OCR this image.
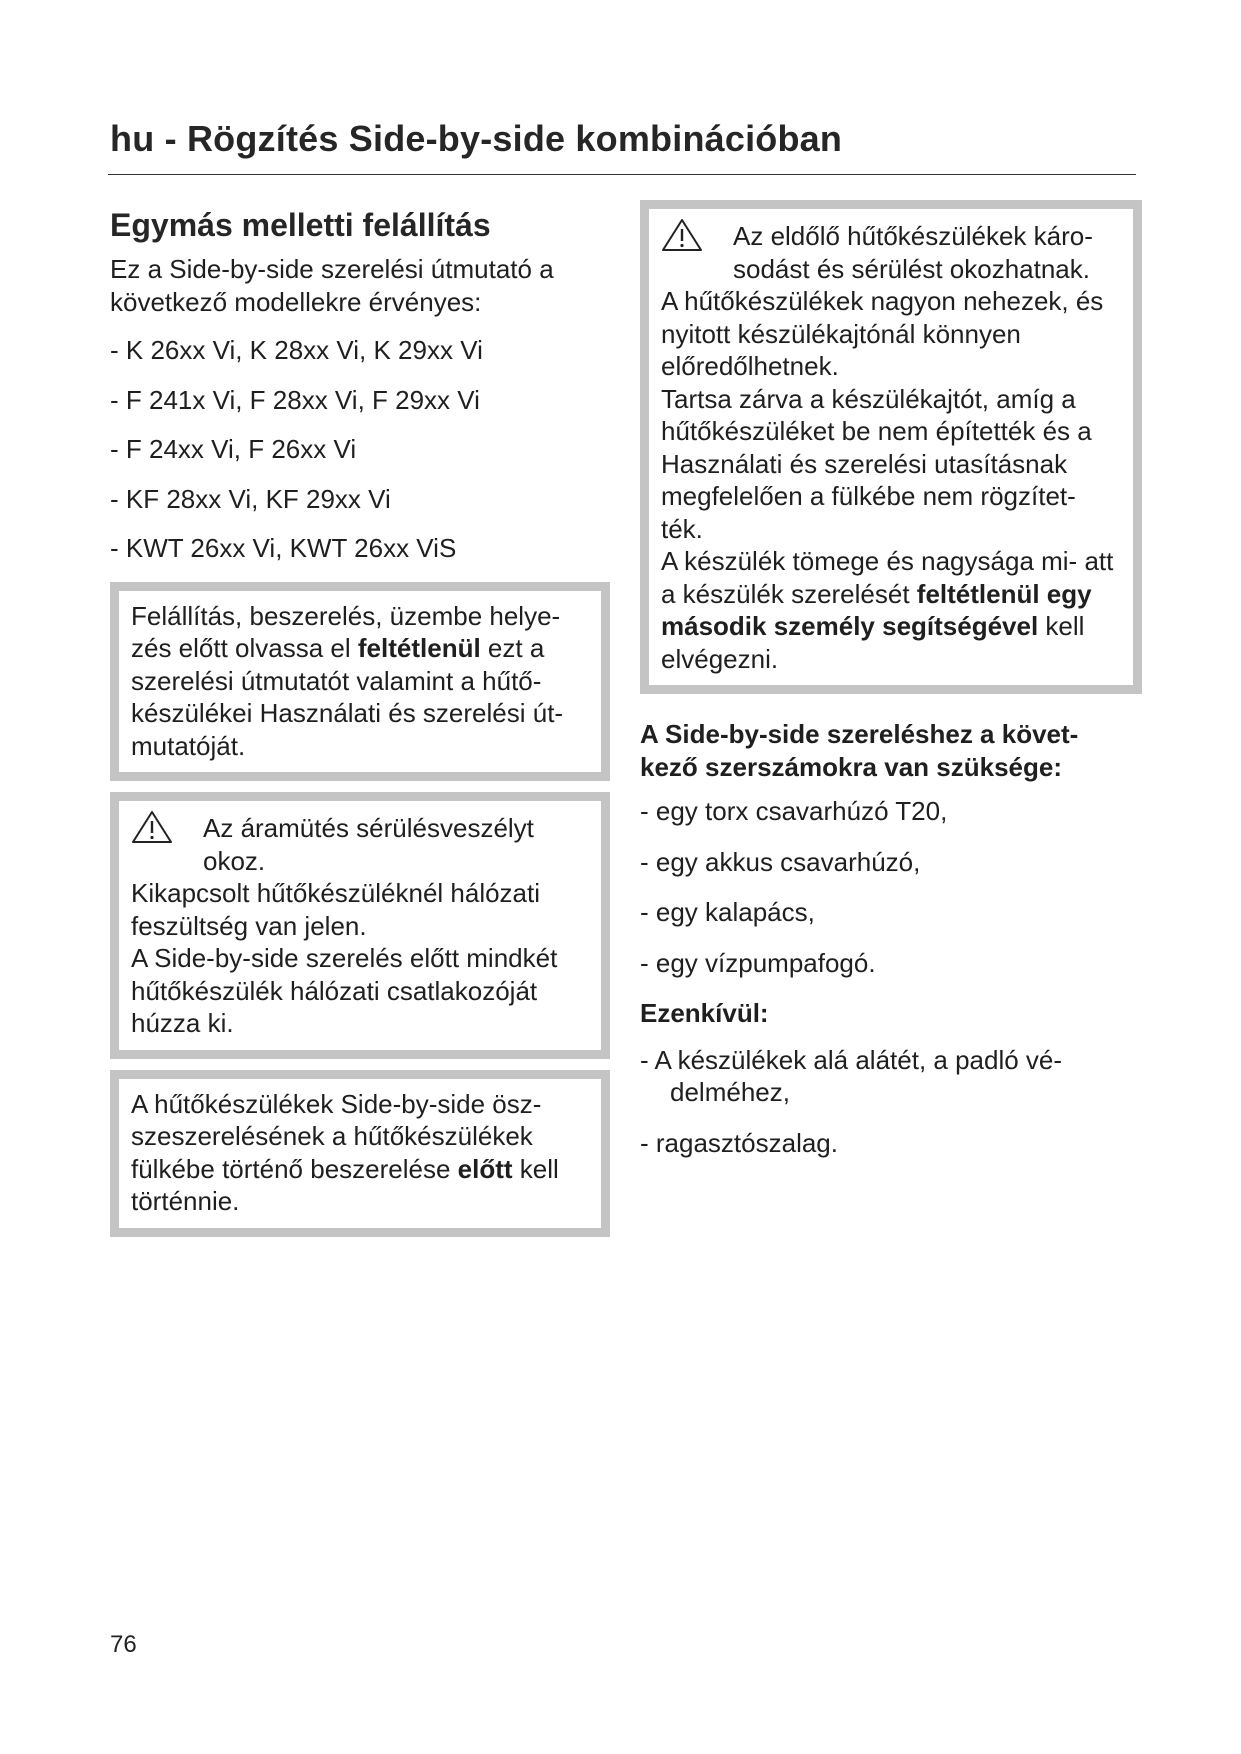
hu - Rögzítés Side-by-side kombinációban
Egymás melletti felállítás

Ez a Side-by-side szerelési útmutató a következő modellekre érvényes:

- K 26xx Vi, K 28xx Vi, K 29xx Vi
- F 241x Vi, F 28xx Vi, F 29xx Vi
- F 24xx Vi, F 26xx Vi
- KF 28xx Vi, KF 29xx Vi
- KWT 26xx Vi, KWT 26xx ViS

Felállítás, beszerelés, üzembe helye- zés előtt olvassa el feltétlenül ezt a szerelési útmutatót valamint a hűtő- készülékei Használati és szerelési út- mutatóját.

Az áramütés sérülésveszélyt okoz.

Kikapcsolt hűtőkészüléknél hálózati feszültség van jelen.

A Side-by-side szerelés előtt mindkét hűtőkészülék hálózati csatlakozóját húzza ki.

A hűtőkészülékek Side-by-side ösz- szeszerelésének a hűtőkészülékek fülkébe történő beszerelése előtt kell történnie.

Az eldőlő hűtőkészülékek káro- sodást és sérülést okozhatnak.

A hűtőkészülékek nagyon nehezek, és nyitott készülékajtónál könnyen előredőlhetnek.

Tartsa zárva a készülékajtót, amíg a hűtőkészüléket be nem építették és a Használati és szerelési utasításnak megfelelően a fülkébe nem rögzítet- ték.

A készülék tömege és nagysága mi- att a készülék szerelését feltétlenül egy második személy segítségével kell elvégezni.

A Side-by-side szereléshez a követ- kező szerszámokra van szüksége:
- egy torx csavarhúzó T20,
- egy akkus csavarhúzó,
- egy kalapács,
- egy vízpumpafogó.
Ezenkívül:
- A készülékek alá alátét, a padló vé-
delméhez,
- ragasztószalag.
76
